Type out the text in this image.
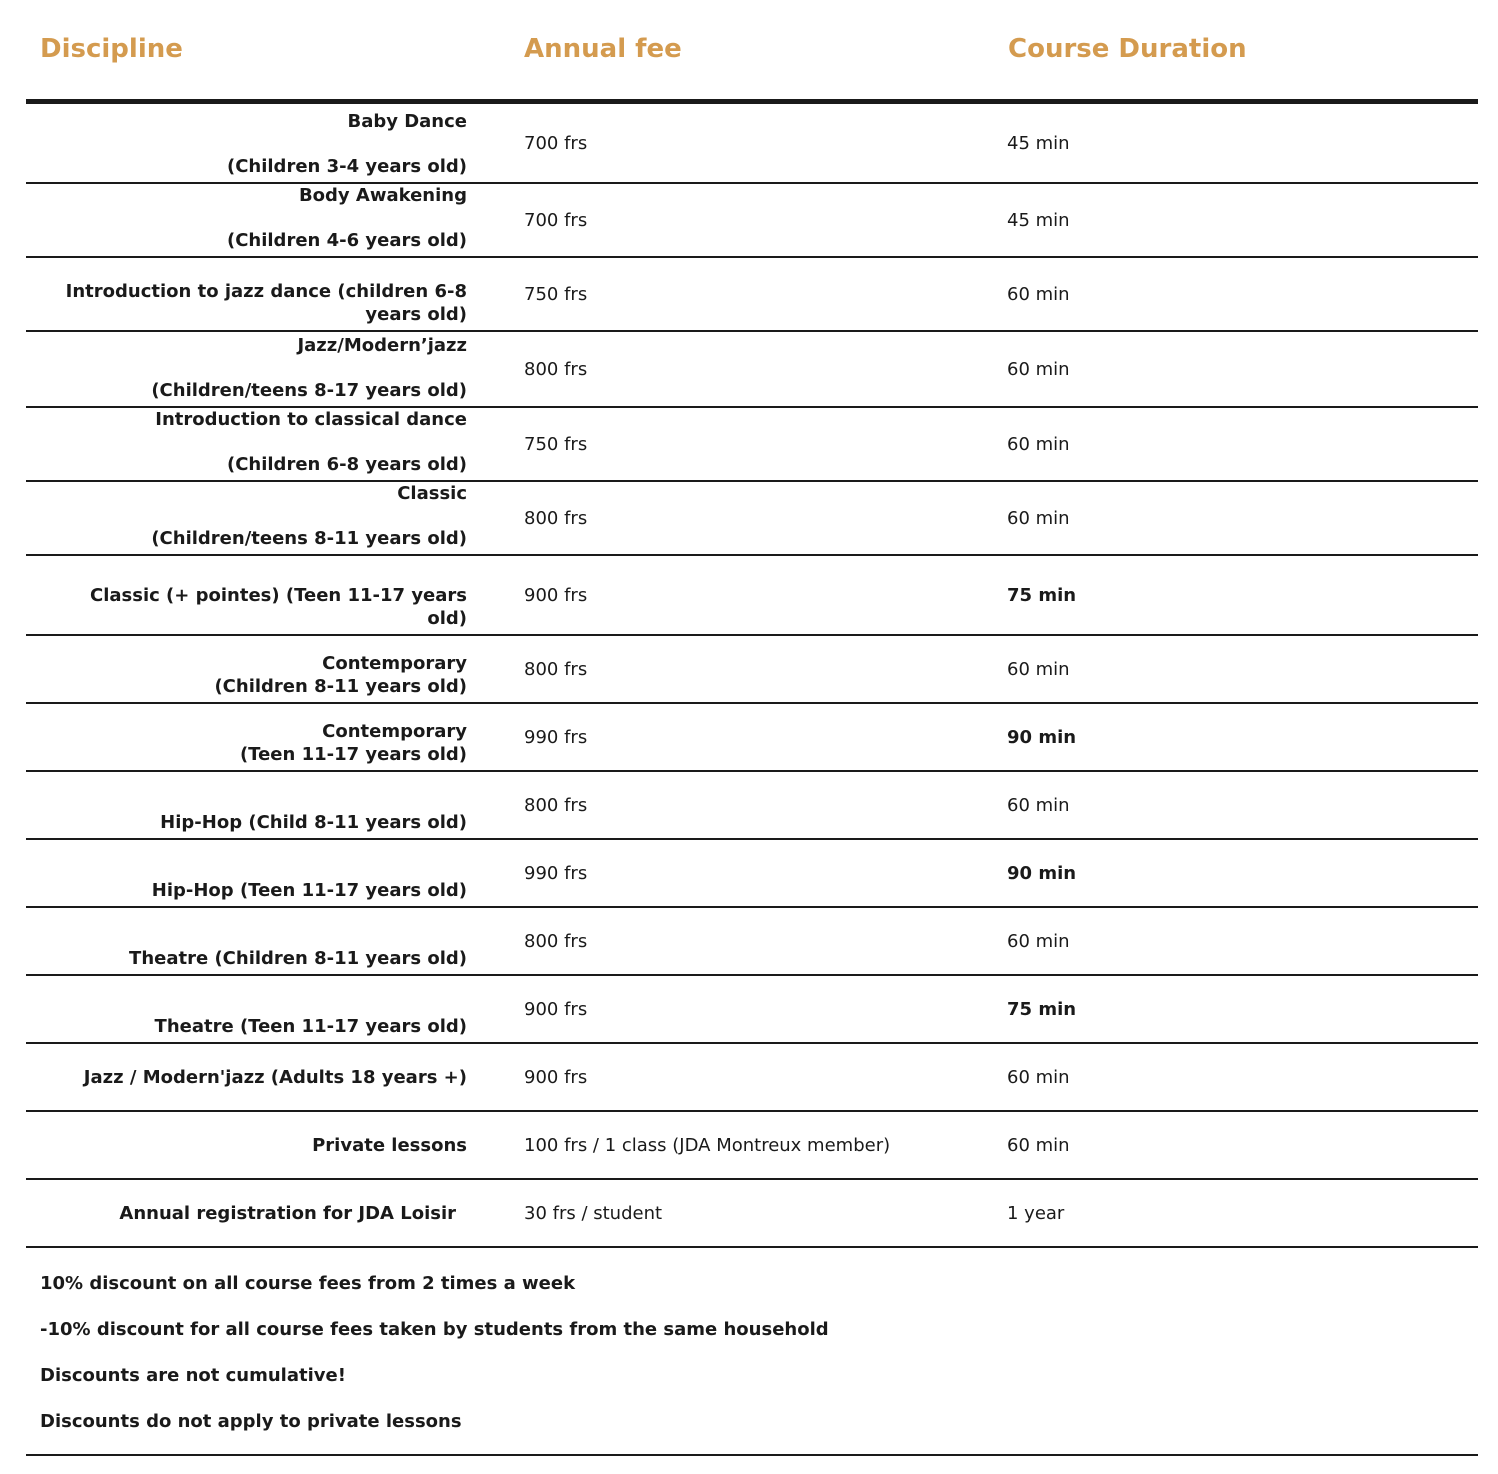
Discipline	Annual fee	Course Duration
Baby Dance
(Children 3-4 years old)
700 frs	45 min
Body Awakening
(Children 4-6 years old)
700 frs	45 min
Introduction to jazz dance (children 6-8
years old)
750 frs	60 min
Jazz/Modern’jazz
(Children/teens 8-17 years old)
800 frs	60 min
Introduction to classical dance
(Children 6-8 years old)
750 frs	60 min
Classic
(Children/teens 8-11 years old)
800 frs	60 min
Classic (+ pointes) (Teen 11-17 years
old)
900 frs	75 min
Contemporary
(Children 8-11 years old)
800 frs	60 min
Contemporary
(Teen 11-17 years old)
990 frs	90 min
Hip-Hop (Child 8-11 years old)
800 frs	60 min
Hip-Hop (Teen 11-17 years old)
990 frs	90 min
Theatre (Children 8-11 years old)
800 frs	60 min
Theatre (Teen 11-17 years old)
900 frs	75 min
Jazz / Modern'jazz (Adults 18 years +)	900 frs	60 min
Private lessons	100 frs / 1 class (JDA Montreux member)	60 min
Annual registration for JDA Loisir	30 frs / student	1 year
10% discount on all course fees from 2 times a week
-10% discount for all course fees taken by students from the same household
Discounts are not cumulative!
Discounts do not apply to private lessons
